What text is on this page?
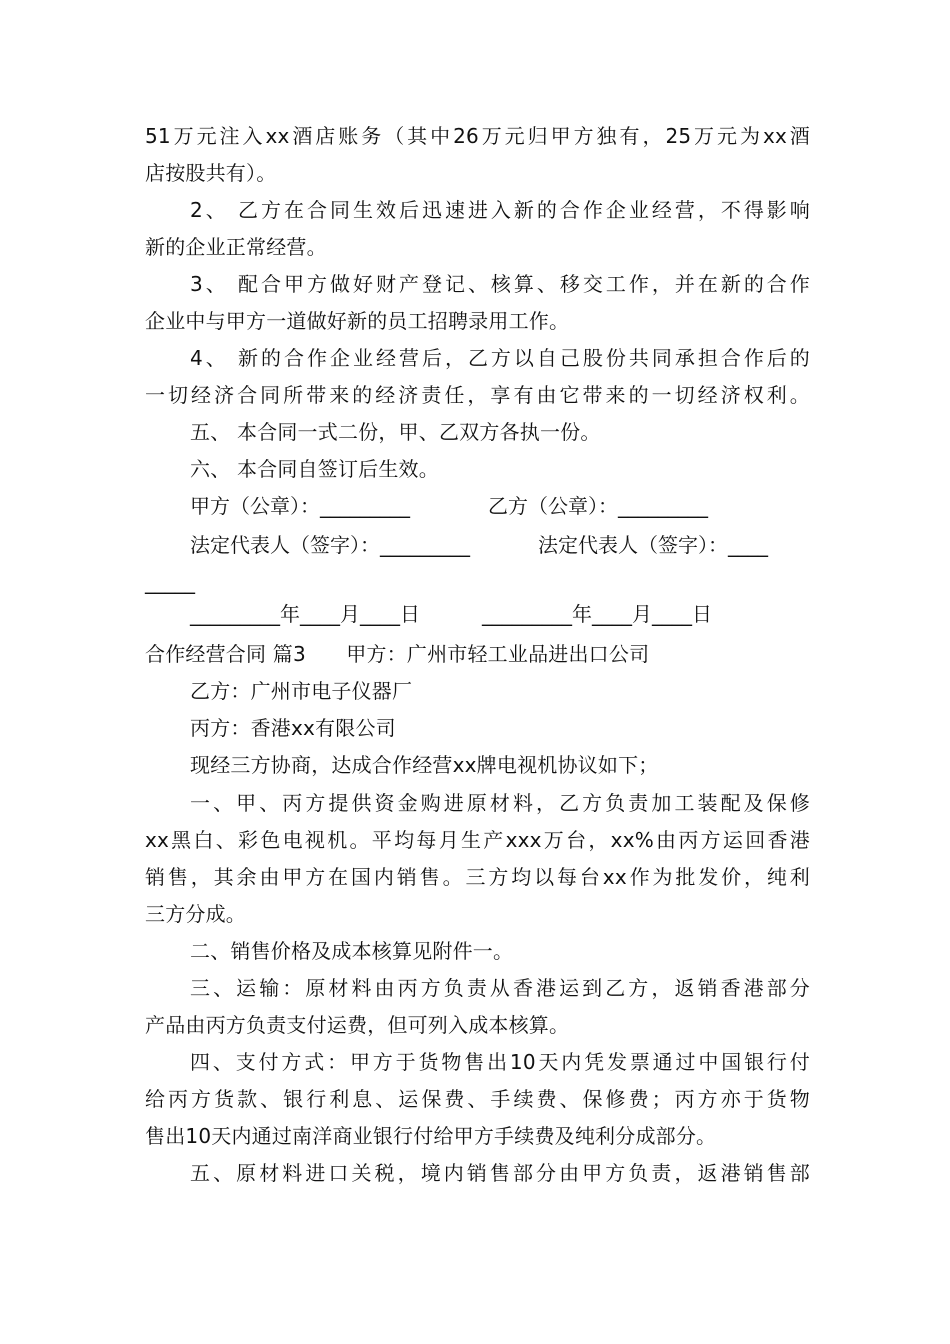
51万元注入xx酒店账务（其中26万元归甲方独有，25万元为xx酒
店按股共有）。
2、 乙方在合同生效后迅速进入新的合作企业经营，不得影响
新的企业正常经营。
3、 配合甲方做好财产登记、核算、移交工作，并在新的合作
企业中与甲方一道做好新的员工招聘录用工作。
4、 新的合作企业经营后，乙方以自己股份共同承担合作后的
一切经济合同所带来的经济责任，享有由它带来的一切经济权利。
五、 本合同一式二份，甲、乙双方各执一份。
六、 本合同自签订后生效。
甲方（公章）：_________	乙方（公章）：_________
法定代表人（签字）：_________	法定代表人（签字）：____
_____
_________年____月____日	_________年____月____日
合作经营合同 篇3　　甲方：广州市轻工业品进出口公司
乙方：广州市电子仪器厂
丙方：香港xx有限公司
现经三方协商，达成合作经营xx牌电视机协议如下；
一、甲、丙方提供资金购进原材料，乙方负责加工装配及保修
xx黑白、彩色电视机。平均每月生产xxx万台，xx%由丙方运回香港
销售，其余由甲方在国内销售。三方均以每台xx作为批发价，纯利
三方分成。
二、销售价格及成本核算见附件一。
三、运输：原材料由丙方负责从香港运到乙方，返销香港部分
产品由丙方负责支付运费，但可列入成本核算。
四、支付方式：甲方于货物售出10天内凭发票通过中国银行付
给丙方货款、银行利息、运保费、手续费、保修费；丙方亦于货物
售出10天内通过南洋商业银行付给甲方手续费及纯利分成部分。
五、原材料进口关税，境内销售部分由甲方负责，返港销售部
